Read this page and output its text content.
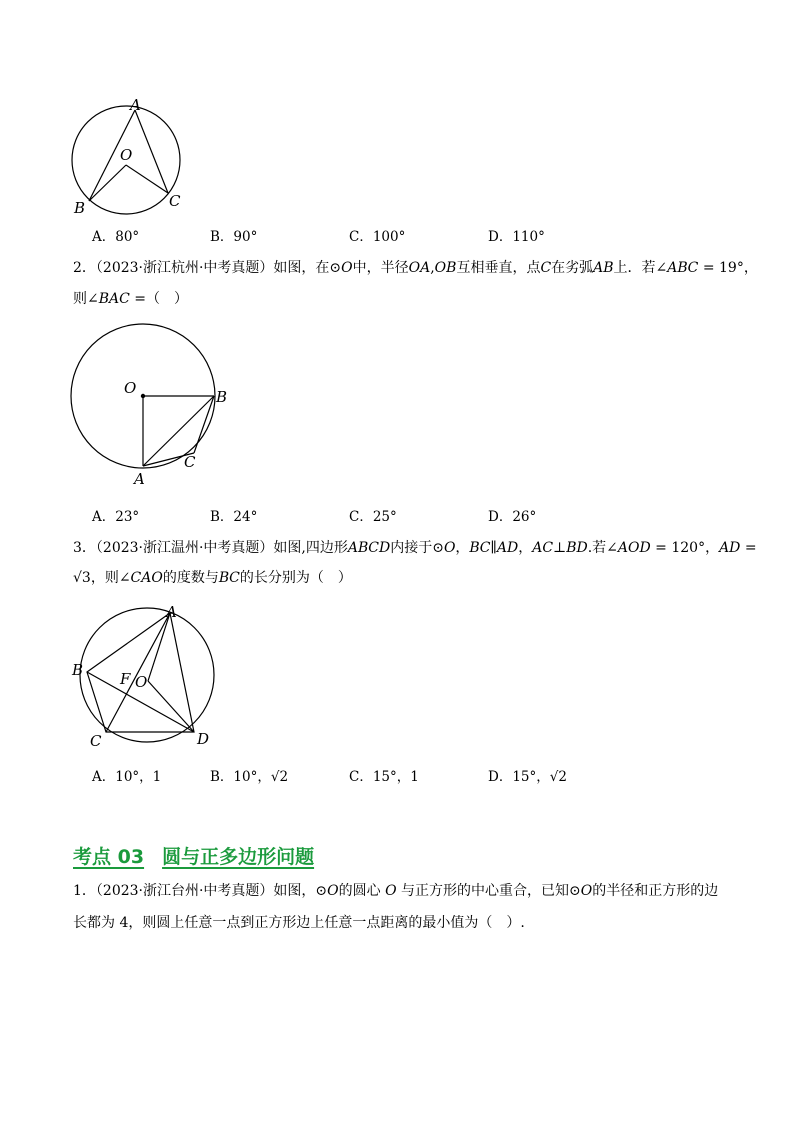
A
O
B	C
A．80°	B．90°	C．100°	D．110°
2．（2023·浙江杭州·中考真题）如图，在⊙𝑂中，半径𝑂𝐴,𝑂𝐵互相垂直，点𝐶在劣弧𝐴𝐵上．若∠𝐴𝐵𝐶 = 19°，
则∠𝐵𝐴𝐶 =（　）
O	B
C
A
A．23°	B．24°	C．25°	D．26°
3．（2023·浙江温州·中考真题）如图,四边形𝐴𝐵𝐶𝐷内接于⊙𝑂，𝐵𝐶∥𝐴𝐷，𝐴𝐶⊥𝐵𝐷.若∠𝐴𝑂𝐷 = 120°，𝐴𝐷 =
√3，则∠𝐶𝐴𝑂的度数与𝐵𝐶的长分别为（　）
A
B F O
C	D
A．10°，1	B．10°，√2	C．15°，1	D．15°，√2
考点 03 圆与正多边形问题
1．（2023·浙江台州·中考真题）如图，⊙𝑂的圆心 𝑂 与正方形的中心重合，已知⊙𝑂的半径和正方形的边
长都为 4，则圆上任意一点到正方形边上任意一点距离的最小值为（　）.
